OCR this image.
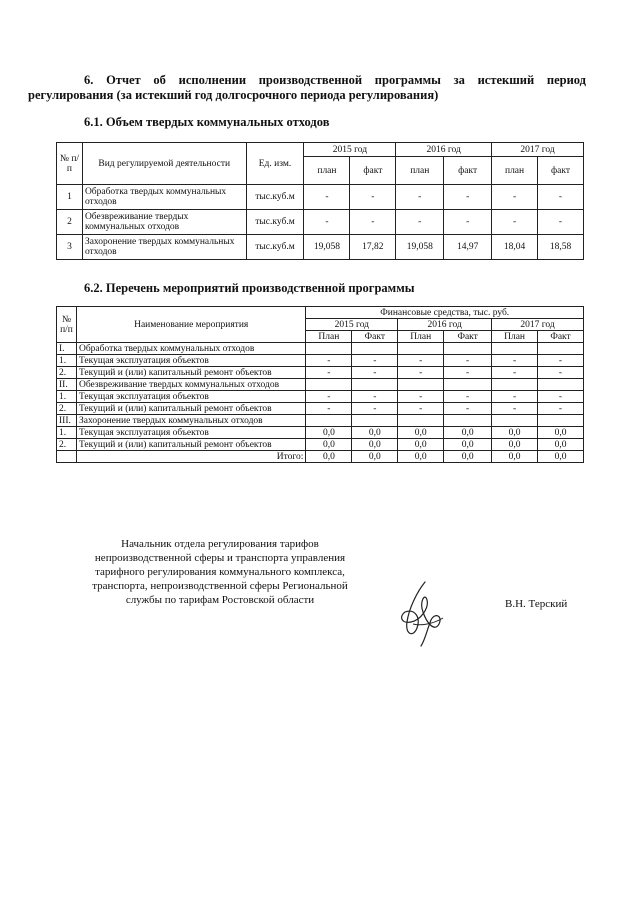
6. Отчет об исполнении производственной программы за истекший период
регулирования (за истекший год долгосрочного периода регулирования)
6.1. Объем твердых коммунальных отходов
№ п/п	Вид регулируемой деятельности	Ед. изм.	2015 год		2016 год		2017 год	
			план	факт	план	факт	план	факт
1	Обработка твердых коммунальных отходов	тыс.куб.м	-	-	-	-	-	-
2	Обезвреживание твердых коммунальных отходов	тыс.куб.м	-	-	-	-	-	-
3	Захоронение твердых коммунальных отходов	тыс.куб.м	19,058	17,82	19,058	14,97	18,04	18,58
6.2. Перечень мероприятий производственной программы
№ п/п	Наименование мероприятия	Финансовые средства, тыс. руб.					
		2015 год		2016 год		2017 год	
		План	Факт	План	Факт	План	Факт
I.	Обработка твердых коммунальных отходов						
1.	Текущая эксплуатация объектов	-	-	-	-	-	-
2.	Текущий и (или) капитальный ремонт объектов	-	-	-	-	-	-
II.	Обезвреживание твердых коммунальных отходов						
1.	Текущая эксплуатация объектов	-	-	-	-	-	-
2.	Текущий и (или) капитальный ремонт объектов	-	-	-	-	-	-
III.	Захоронение твердых коммунальных отходов						
1.	Текущая эксплуатация объектов	0,0	0,0	0,0	0,0	0,0	0,0
2.	Текущий и (или) капитальный ремонт объектов	0,0	0,0	0,0	0,0	0,0	0,0
	Итого:	0,0	0,0	0,0	0,0	0,0	0,0
Начальник отдела регулирования тарифов
непроизводственной сферы и транспорта управления
тарифного регулирования коммунального комплекса,
транспорта, непроизводственной сферы Региональной
службы по тарифам Ростовской области	В.Н. Терский
